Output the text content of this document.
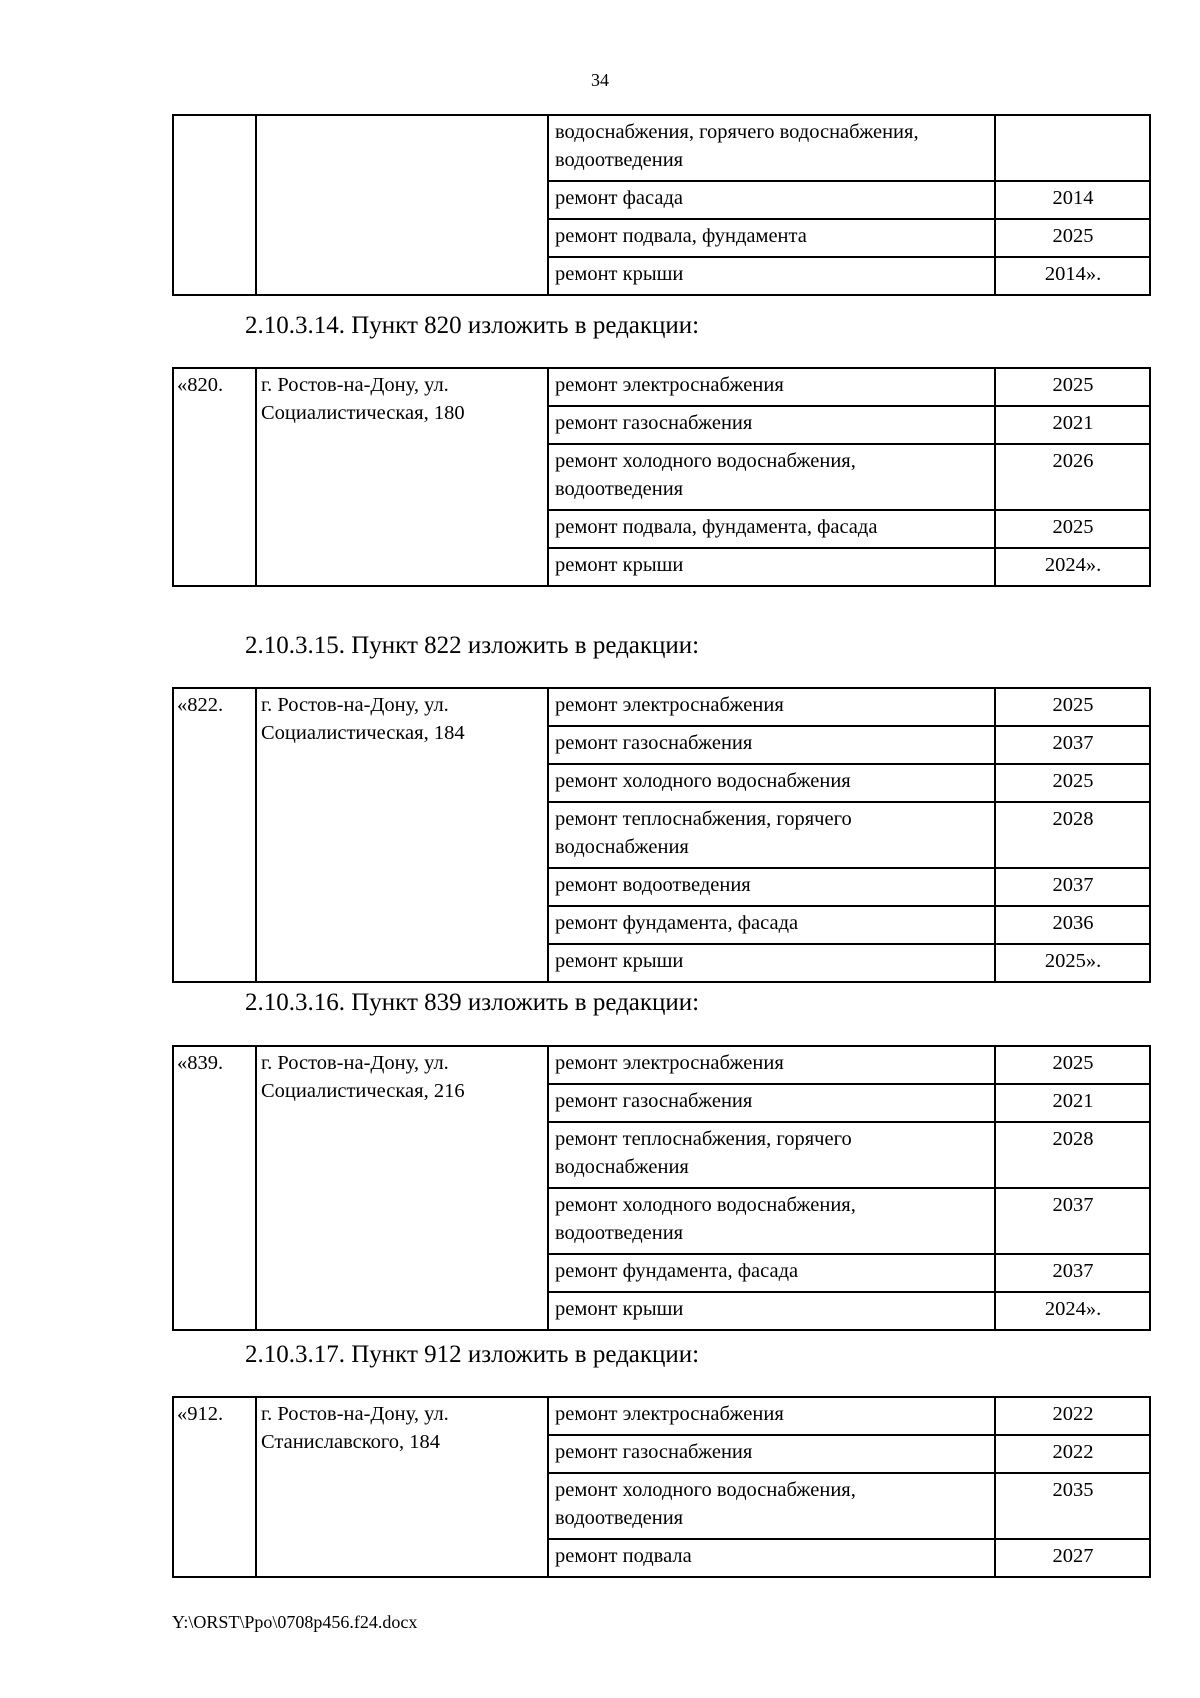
34
		водоснабжения, горячего водоснабжения, водоотведения	
		ремонт фасада	2014
		ремонт подвала, фундамента	2025
		ремонт крыши	2014».
2.10.3.14. Пункт 820 изложить в редакции:
«820.	г. Ростов-на-Дону, ул. Социалистическая, 180	ремонт электроснабжения	2025
		ремонт газоснабжения	2021
		ремонт холодного водоснабжения, водоотведения	2026
		ремонт подвала, фундамента, фасада	2025
		ремонт крыши	2024».
2.10.3.15. Пункт 822 изложить в редакции:
«822.	г. Ростов-на-Дону, ул. Социалистическая, 184	ремонт электроснабжения	2025
		ремонт газоснабжения	2037
		ремонт холодного водоснабжения	2025
		ремонт теплоснабжения, горячего водоснабжения	2028
		ремонт водоотведения	2037
		ремонт фундамента, фасада	2036
		ремонт крыши	2025».
2.10.3.16. Пункт 839 изложить в редакции:
«839.	г. Ростов-на-Дону, ул. Социалистическая, 216	ремонт электроснабжения	2025
		ремонт газоснабжения	2021
		ремонт теплоснабжения, горячего водоснабжения	2028
		ремонт холодного водоснабжения, водоотведения	2037
		ремонт фундамента, фасада	2037
		ремонт крыши	2024».
2.10.3.17. Пункт 912 изложить в редакции:
«912.	г. Ростов-на-Дону, ул. Станиславского, 184	ремонт электроснабжения	2022
		ремонт газоснабжения	2022
		ремонт холодного водоснабжения, водоотведения	2035
		ремонт подвала	2027
Y:\ORST\Ppo\0708p456.f24.docx
